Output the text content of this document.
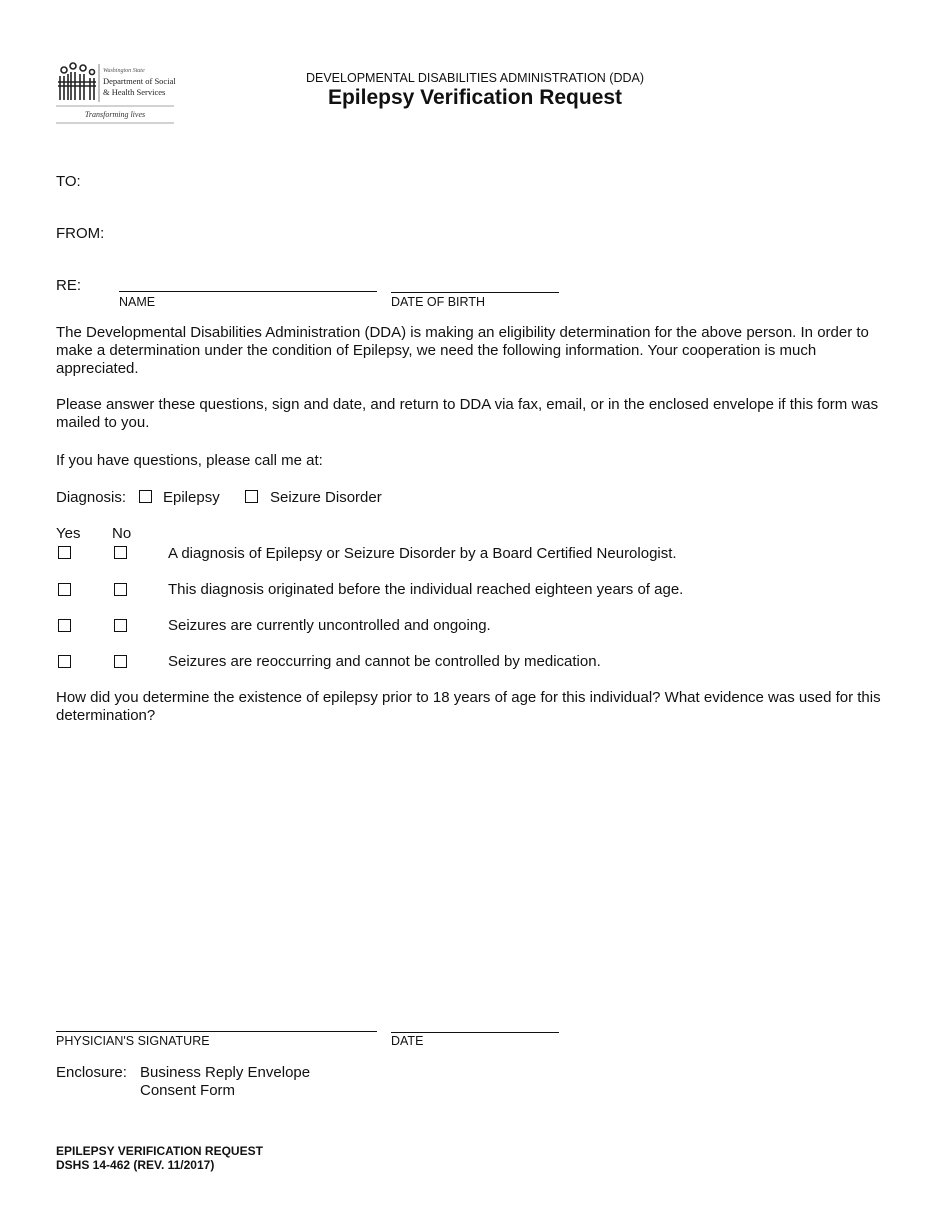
Washington State
Department of Social
& Health Services
Transforming lives
DEVELOPMENTAL DISABILITIES ADMINISTRATION (DDA)
Epilepsy Verification Request
TO:
FROM:
RE:
NAME	DATE OF BIRTH
The Developmental Disabilities Administration (DDA) is making an eligibility determination for the above person. In order to make a determination under the condition of Epilepsy, we need the following information. Your cooperation is much appreciated.
Please answer these questions, sign and date, and return to DDA via fax, email, or in the enclosed envelope if this form was mailed to you.
If you have questions, please call me at:
Diagnosis: Epilepsy	Seizure Disorder
Yes No
A diagnosis of Epilepsy or Seizure Disorder by a Board Certified Neurologist.
This diagnosis originated before the individual reached eighteen years of age.
Seizures are currently uncontrolled and ongoing.
Seizures are reoccurring and cannot be controlled by medication.
How did you determine the existence of epilepsy prior to 18 years of age for this individual? What evidence was used for this determination?
PHYSICIAN'S SIGNATURE	DATE
Enclosure: Business Reply Envelope
Consent Form
EPILEPSY VERIFICATION REQUEST
DSHS 14-462 (REV. 11/2017)
